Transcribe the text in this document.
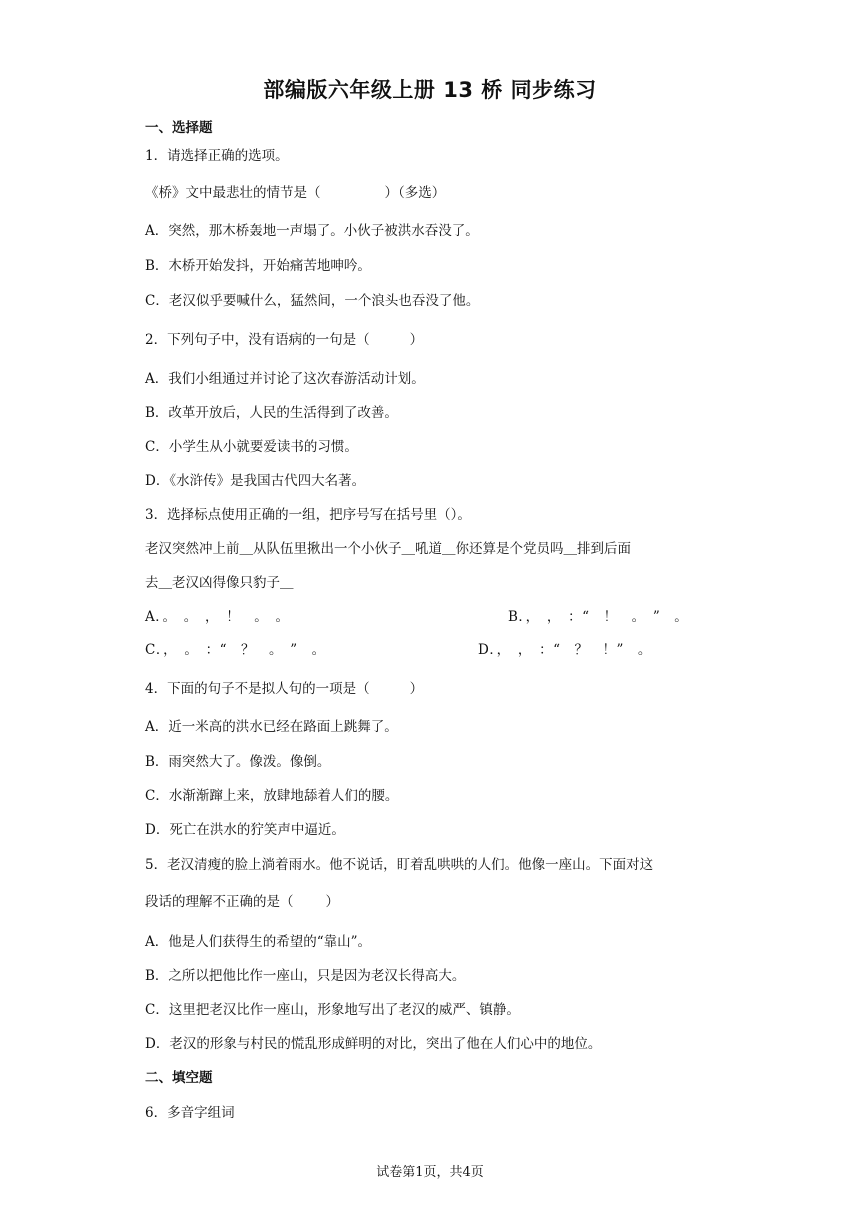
部编版六年级上册 13 桥 同步练习
一、选择题
1．请选择正确的选项。
《桥》文中最悲壮的情节是（	）（多选）
A．突然，那木桥轰地一声塌了。小伙子被洪水吞没了。
B．木桥开始发抖，开始痛苦地呻吟。
C．老汉似乎要喊什么，猛然间，一个浪头也吞没了他。
2．下列句子中，没有语病的一句是（	）
A．我们小组通过并讨论了这次春游活动计划。
B．改革开放后，人民的生活得到了改善。
C．小学生从小就要爱读书的习惯。
D．《水浒传》是我国古代四大名著。
3．选择标点使用正确的一组，把序号写在括号里（）。
老汉突然冲上前＿从队伍里揪出一个小伙子＿吼道＿你还算是个党员吗＿排到后面
去＿老汉凶得像只豹子＿
A．。　。　，　！　。　。	B．，　，　：“　！　。　”　。
C．，　。　：“　？　。　”　。	D．，　，　：“　？　！”　。
4．下面的句子不是拟人句的一项是（	）
A．近一米高的洪水已经在路面上跳舞了。
B．雨突然大了。像泼。像倒。
C．水渐渐蹿上来，放肆地舔着人们的腰。
D．死亡在洪水的狞笑声中逼近。
5．老汉清瘦的脸上淌着雨水。他不说话，盯着乱哄哄的人们。他像一座山。下面对这
段话的理解不正确的是（ ）
A．他是人们获得生的希望的“靠山”。
B．之所以把他比作一座山，只是因为老汉长得高大。
C．这里把老汉比作一座山，形象地写出了老汉的威严、镇静。
D．老汉的形象与村民的慌乱形成鲜明的对比，突出了他在人们心中的地位。
二、填空题
6．多音字组词
试卷第1页，共4页
